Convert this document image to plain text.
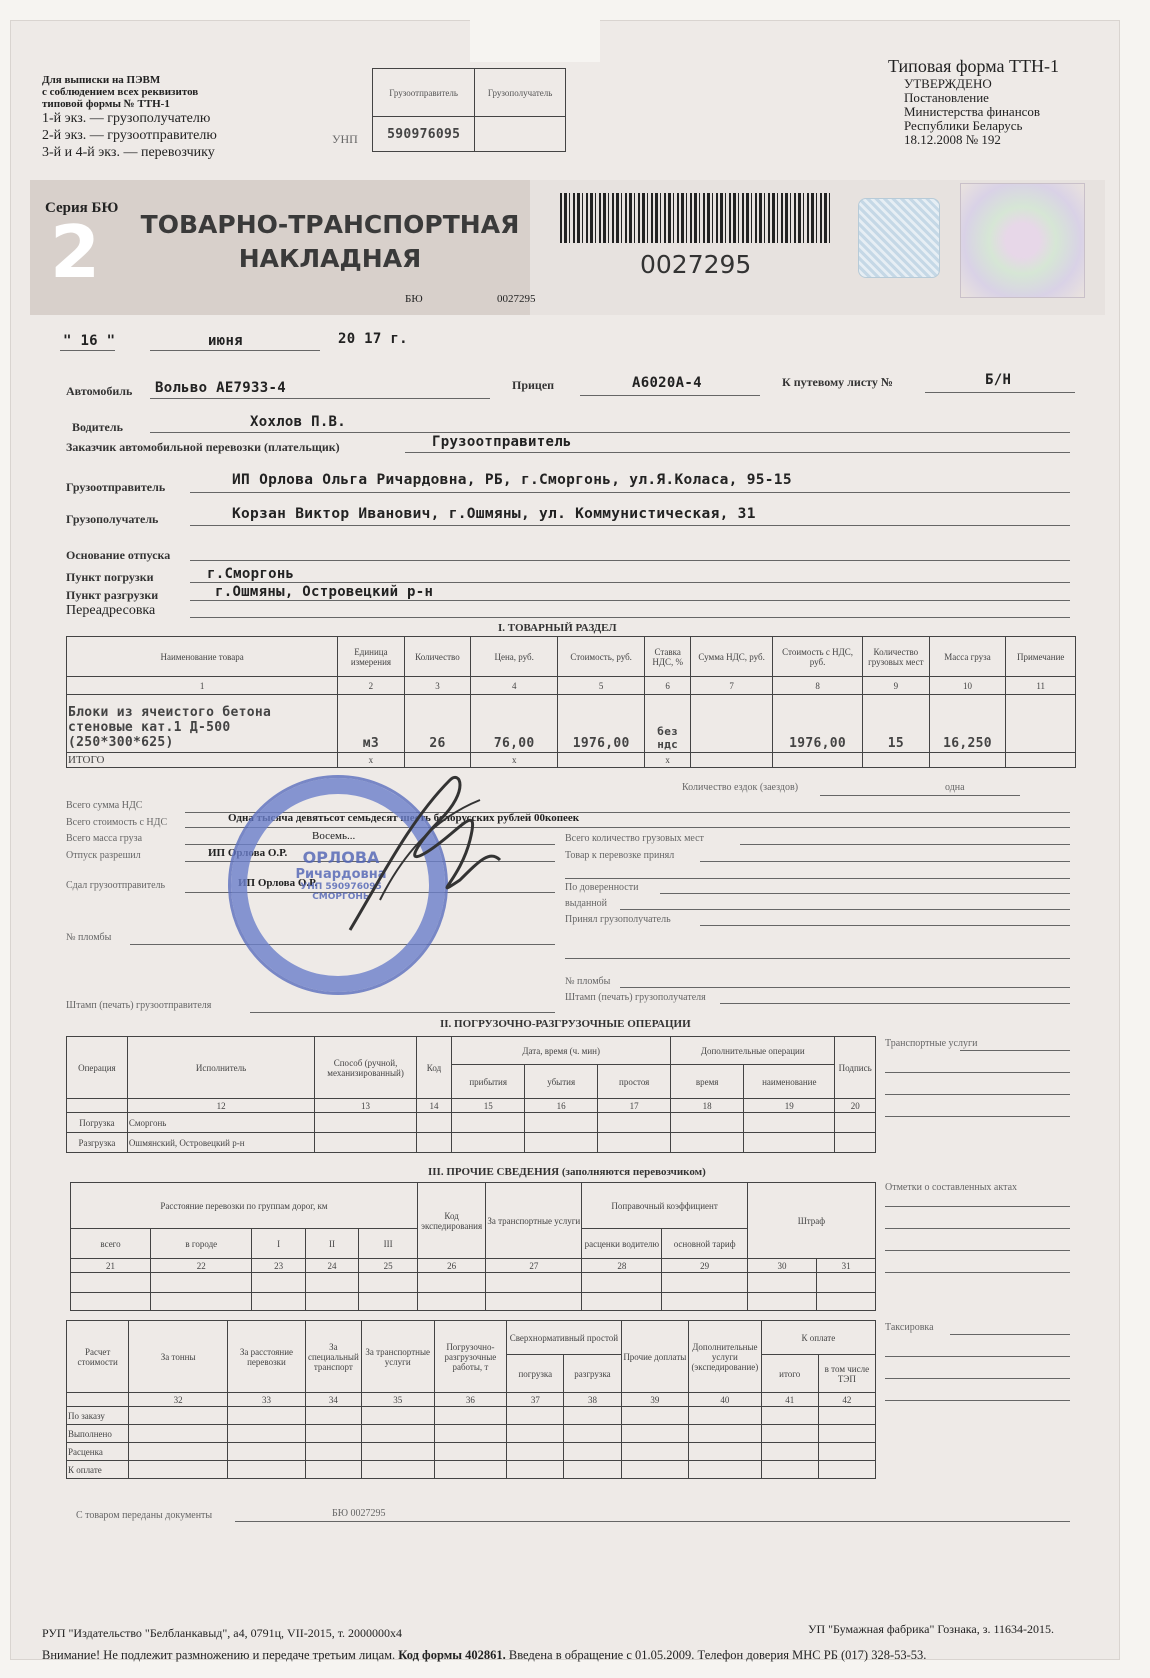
Для выписки на ПЭВМ
с соблюдением всех реквизитов
типовой формы № ТТН-1
1-й экз. — грузополучателю
2-й экз. — грузоотправителю
3-й и 4-й экз. — перевозчику
УНП
Грузоотправитель	Грузополучатель
590976095	
Типовая форма ТТН-1
УТВЕРЖДЕНО
Постановление
Министерства финансов
Республики Беларусь
18.12.2008 № 192
Серия БЮ
2	ТОВАРНО-ТРАНСПОРТНАЯ
НАКЛАДНАЯ
БЮ	0027295
0027295
" 16 "	июня	20 17 г.
Автомобиль Вольво АЕ7933-4	Прицеп	А6020А-4	К путевому листу №	Б/Н
Водитель	Хохлов П.В.
Заказчик автомобильной перевозки (плательщик)	Грузоотправитель
Грузоотправитель	ИП Орлова Ольга Ричардовна, РБ, г.Сморгонь, ул.Я.Коласа, 95-15
Грузополучатель	Корзан Виктор Иванович, г.Ошмяны, ул. Коммунистическая, 31
Основание отпуска
Пункт погрузки	г.Сморгонь
Пункт разгрузки	г.Ошмяны, Островецкий р-н
Переадресовка
I. ТОВАРНЫЙ РАЗДЕЛ
Наименование товара	Единица измерения	Количество	Цена, руб.	Стоимость, руб.	Ставка НДС, %	Сумма НДС, руб.	Стоимость с НДС, руб.	Количество грузовых мест	Масса груза	Примечание
1	2	3	4	5	6	7	8	9	10	11

Блоки из ячеистого бетона
стеновые кат.1 Д-500 (250*300*625)	м3	26	76,00	1976,00	без ндс		1976,00	15	16,250	
ИТОГО	х		х		х					
Количество ездок (заездов)	одна
Всего сумма НДС
Всего стоимость с НДС	Одна тысяча девятьсот семьдесят шесть белорусских рублей 00копеек
Всего масса груза	Восемь...
Отпуск разрешил	ИП Орлова О.Р.
Сдал грузоотправитель	ИП Орлова О.Р.
№ пломбы
Штамп (печать) грузоотправителя
Всего количество грузовых мест
Товар к перевозке принял
По доверенности
выданной
Принял грузополучатель
№ пломбы
Штамп (печать) грузополучателя
ОРЛОВА
Ричардовна
УНП 590976095
СМОРГОНЬ
II. ПОГРУЗОЧНО-РАЗГРУЗОЧНЫЕ ОПЕРАЦИИ
Операция	Исполнитель	Способ (ручной, механизированный)	Код	Дата, время (ч. мин)			Дополнительные операции		Подпись
				прибытия	убытия	простоя	время	наименование	
	12	13	14	15	16	17	18	19	20
Погрузка	Сморгонь								
Разгрузка	Ошмянский, Островецкий р-н								
Транспортные услуги
III. ПРОЧИЕ СВЕДЕНИЯ (заполняются перевозчиком)
Расстояние перевозки по группам дорог, км					Код экспедирования	За транспортные услуги	Поправочный коэффициент		Штраф	
всего	в городе	I	II	III			расценки водителю	основной тариф		
21	22	23	24	25	26	27	28	29	30	31

Отметки о составленных актах
Расчет стоимости	За тонны	За расстояние перевозки	За специальный транспорт	За транспортные услуги	Погрузочно-разгрузочные работы, т	Сверхнормативный простой		Прочие доплаты	Дополнительные услуги (экспедирование)	К оплате	
						погрузка	разгрузка			итого	в том числе ТЭП
	32	33	34	35	36	37	38	39	40	41	42
По заказу											
Выполнено											
Расценка											
К оплате											
Таксировка
С товаром переданы документы	БЮ 0027295
РУП "Издательство "Белбланкавыд", а4, 0791ц, VII-2015, т. 2000000х4	УП "Бумажная фабрика" Гознака, з. 11634-2015.
Внимание! Не подлежит размножению и передаче третьим лицам. Код формы 402861. Введена в обращение с 01.05.2009. Телефон доверия МНС РБ (017) 328-53-53.
